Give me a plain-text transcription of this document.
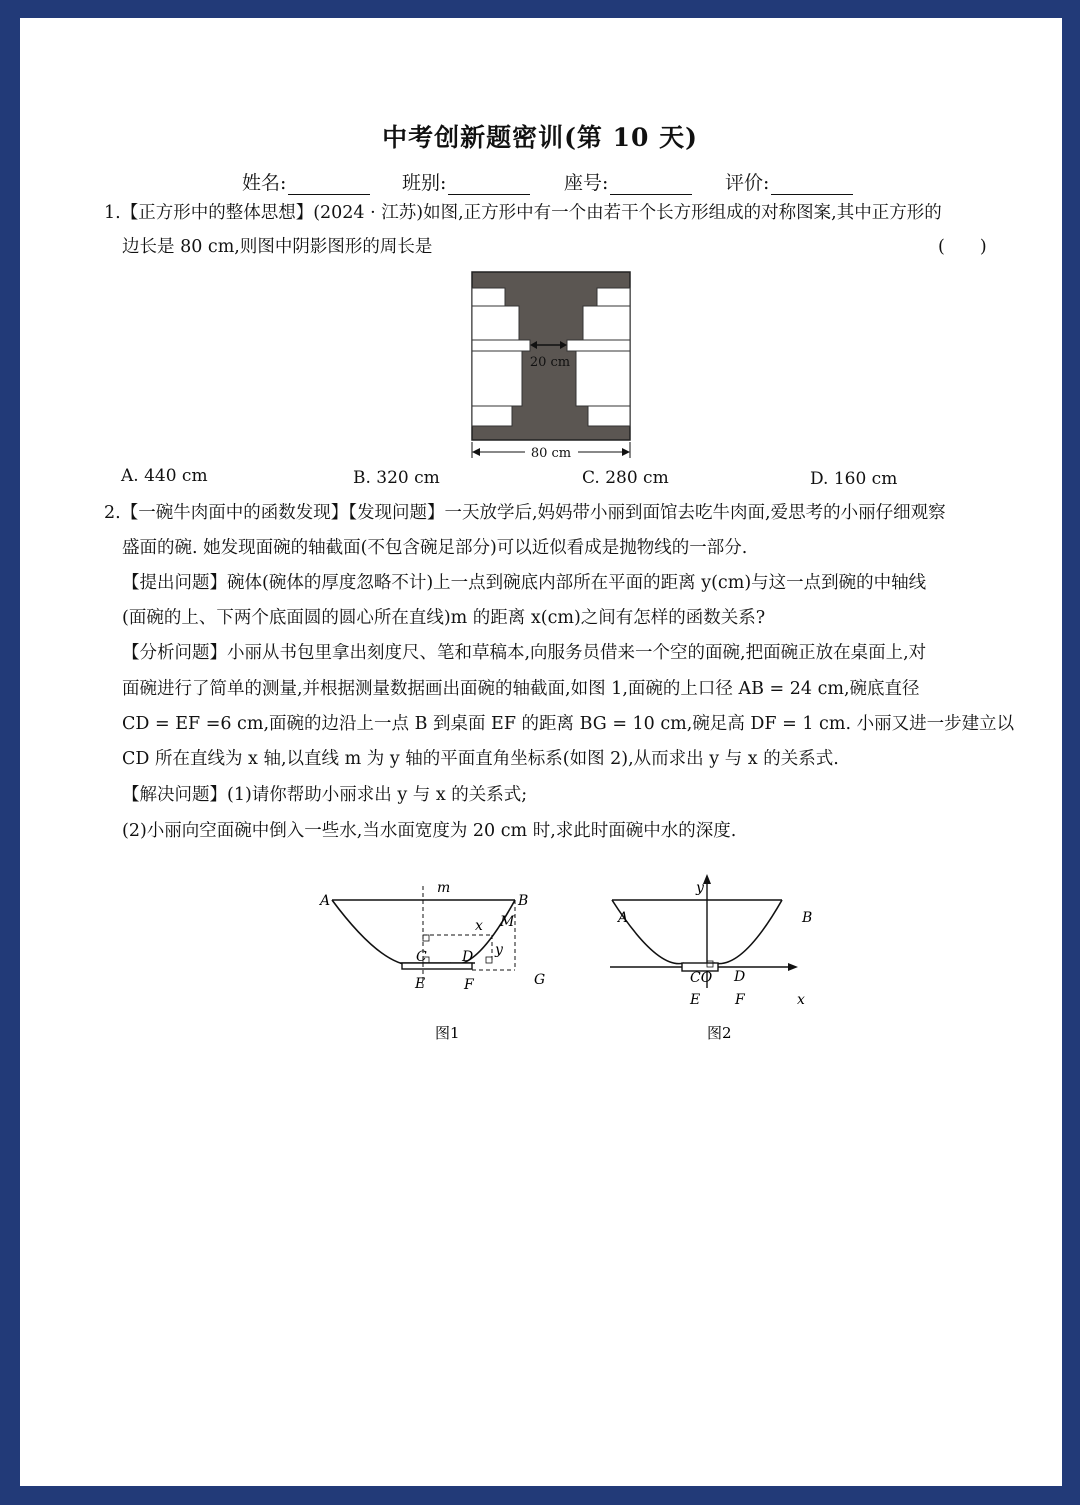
中考创新题密训(第 10 天)
姓名:	班别:	座号:	评价:
1.【正方形中的整体思想】(2024 · 江苏)如图,正方形中有一个由若干个长方形组成的对称图案,其中正方形的
边长是 80 cm,则图中阴影图形的周长是	(　　)
20 cm
80 cm
A. 440 cm	B. 320 cm	C. 280 cm	D. 160 cm
2.【一碗牛肉面中的函数发现】【发现问题】一天放学后,妈妈带小丽到面馆去吃牛肉面,爱思考的小丽仔细观察
盛面的碗. 她发现面碗的轴截面(不包含碗足部分)可以近似看成是抛物线的一部分.
【提出问题】碗体(碗体的厚度忽略不计)上一点到碗底内部所在平面的距离 y(cm)与这一点到碗的中轴线
(面碗的上、下两个底面圆的圆心所在直线)m 的距离 x(cm)之间有怎样的函数关系?
【分析问题】小丽从书包里拿出刻度尺、笔和草稿本,向服务员借来一个空的面碗,把面碗正放在桌面上,对
面碗进行了简单的测量,并根据测量数据画出面碗的轴截面,如图 1,面碗的上口径 AB = 24 cm,碗底直径
CD = EF =6 cm,面碗的边沿上一点 B 到桌面 EF 的距离 BG = 10 cm,碗足高 DF = 1 cm. 小丽又进一步建立以
CD 所在直线为 x 轴,以直线 m 为 y 轴的平面直角坐标系(如图 2),从而求出 y 与 x 的关系式.
【解决问题】(1)请你帮助小丽求出 y 与 x 的关系式;
(2)小丽向空面碗中倒入一些水,当水面宽度为 20 cm 时,求此时面碗中水的深度.
m
A	B
x M
y
C	D
E	F	G
图1
y
A	B
CO D
E F	x
图2
